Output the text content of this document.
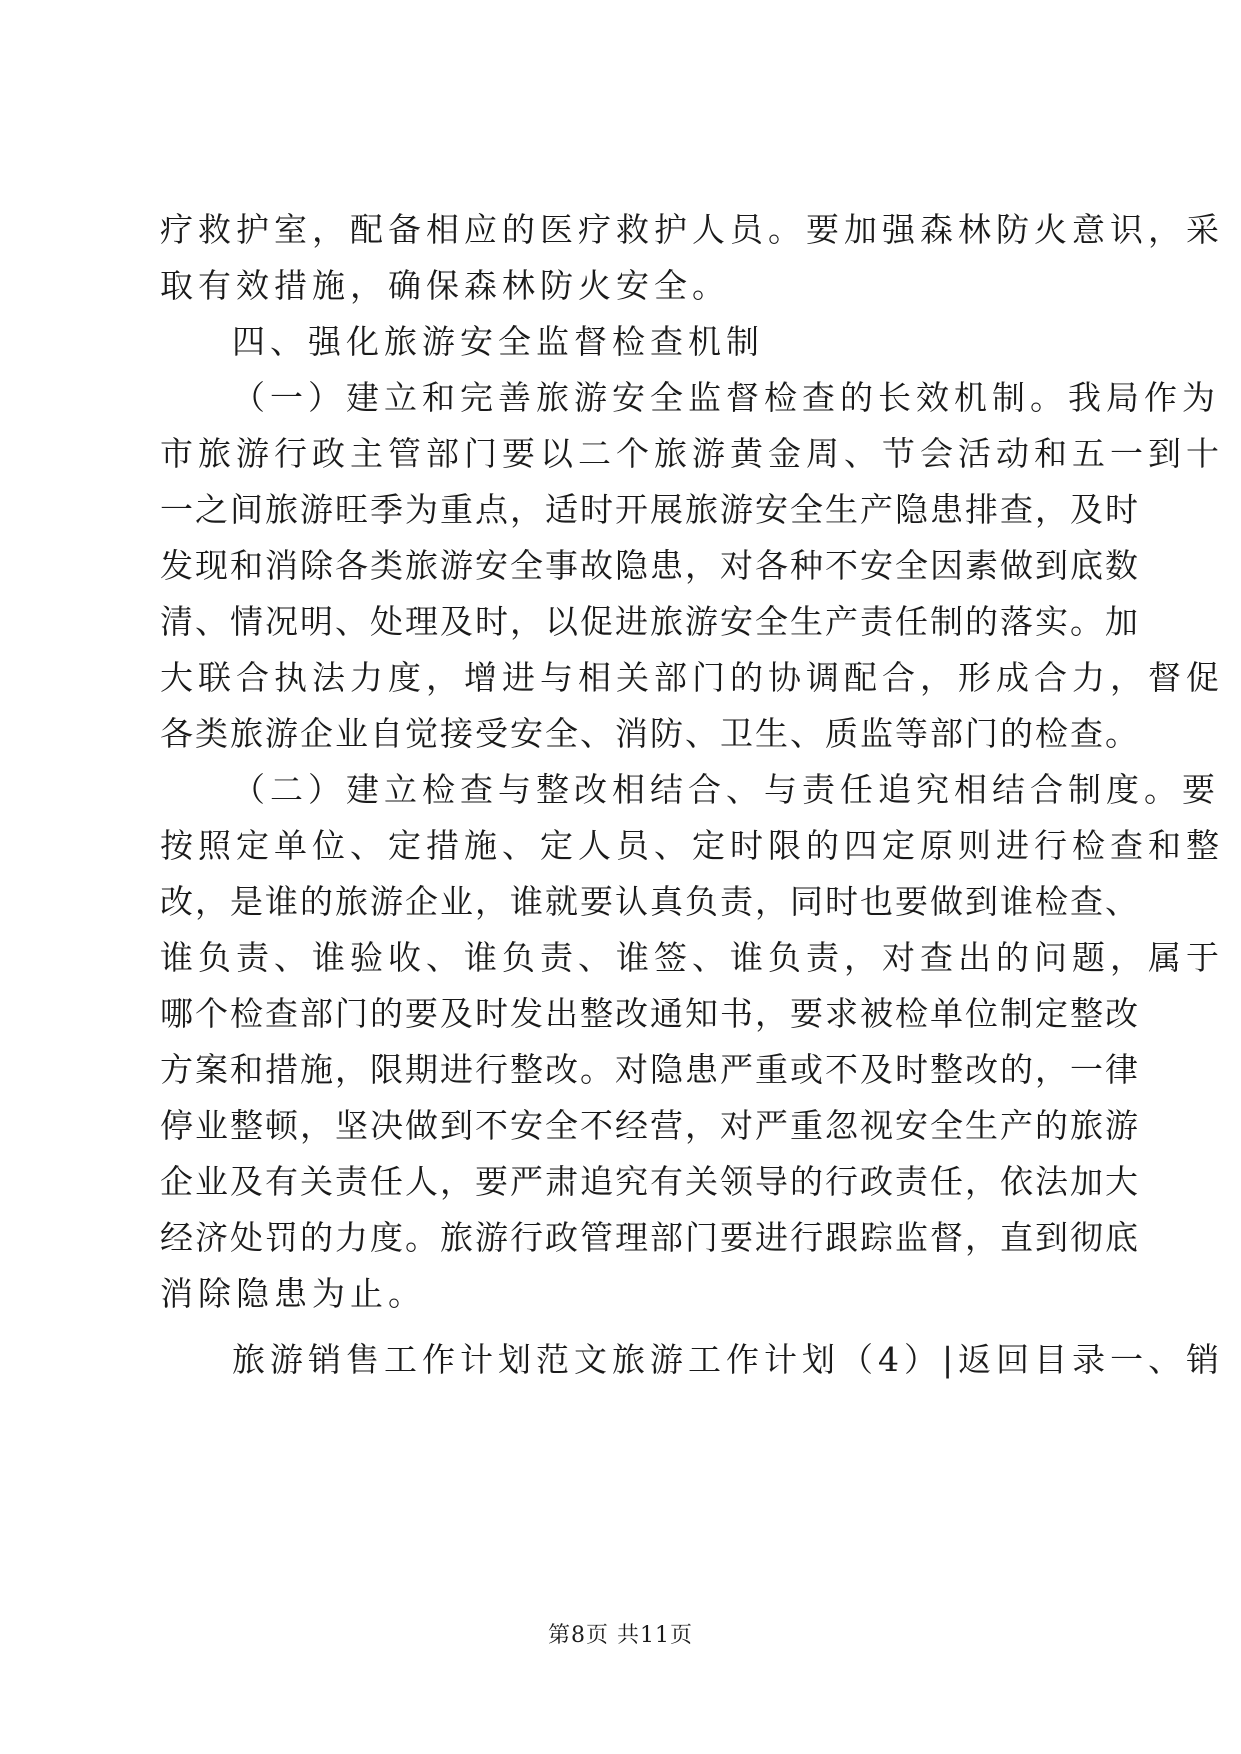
疗救护室，配备相应的医疗救护人员。要加强森林防火意识，采
取有效措施，确保森林防火安全。
四、强化旅游安全监督检查机制
（一）建立和完善旅游安全监督检查的长效机制。我局作为
市旅游行政主管部门要以二个旅游黄金周、节会活动和五一到十
一之间旅游旺季为重点，适时开展旅游安全生产隐患排查，及时
发现和消除各类旅游安全事故隐患，对各种不安全因素做到底数
清、情况明、处理及时，以促进旅游安全生产责任制的落实。加
大联合执法力度，增进与相关部门的协调配合，形成合力，督促
各类旅游企业自觉接受安全、消防、卫生、质监等部门的检查。
（二）建立检查与整改相结合、与责任追究相结合制度。要
按照定单位、定措施、定人员、定时限的四定原则进行检查和整
改，是谁的旅游企业，谁就要认真负责，同时也要做到谁检查、
谁负责、谁验收、谁负责、谁签、谁负责，对查出的问题，属于
哪个检查部门的要及时发出整改通知书，要求被检单位制定整改
方案和措施，限期进行整改。对隐患严重或不及时整改的，一律
停业整顿，坚决做到不安全不经营，对严重忽视安全生产的旅游
企业及有关责任人，要严肃追究有关领导的行政责任，依法加大
经济处罚的力度。旅游行政管理部门要进行跟踪监督，直到彻底
消除隐患为止。
旅游销售工作计划范文旅游工作计划（4）|返回目录一、销
第8页 共11页
